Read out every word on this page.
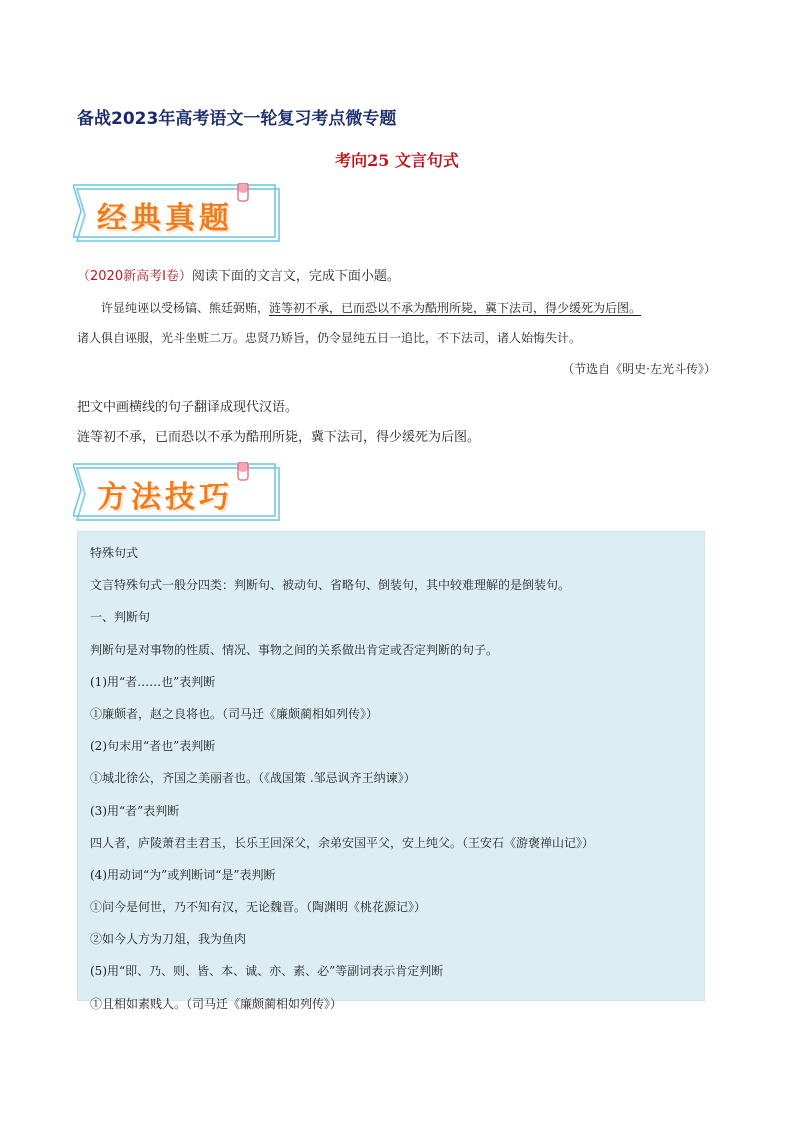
备战2023年高考语文一轮复习考点微专题
考向25 文言句式
经典真题
（2020新高考Ⅰ卷）阅读下面的文言文，完成下面小题。
许显纯诬以受杨镐、熊廷弼贿，涟等初不承，已而恐以不承为酷刑所毙，冀下法司，得少缓死为后图。
诸人俱自诬服，光斗坐赃二万。忠贤乃矫旨，仍令显纯五日一追比，不下法司，诸人始悔失计。
（节选自《明史·左光斗传》）
把文中画横线的句子翻译成现代汉语。
涟等初不承，已而恐以不承为酷刑所毙，冀下法司，得少缓死为后图。
方法技巧
特殊句式
文言特殊句式一般分四类：判断句、被动句、省略句、倒装句，其中较难理解的是倒装句。
一、判断句
判断句是对事物的性质、情况、事物之间的关系做出肯定或否定判断的句子。
(1)用“者……也”表判断
①廉颇者，赵之良将也。（司马迁《廉颇蔺相如列传》）
(2)句末用“者也”表判断
①城北徐公，齐国之美丽者也。（《战国策 .邹忌讽齐王纳谏》）
(3)用“者”表判断
四人者，庐陵萧君圭君玉，长乐王回深父，余弟安国平父，安上纯父。（王安石《游褒禅山记》）
(4)用动词“为”或判断词“是”表判断
①问今是何世，乃不知有汉，无论魏晋。（陶渊明《桃花源记》）
②如今人方为刀俎，我为鱼肉
(5)用“即、乃、则、皆、本、诚、亦、素、必”等副词表示肯定判断
①且相如素贱人。（司马迁《廉颇蔺相如列传》）
